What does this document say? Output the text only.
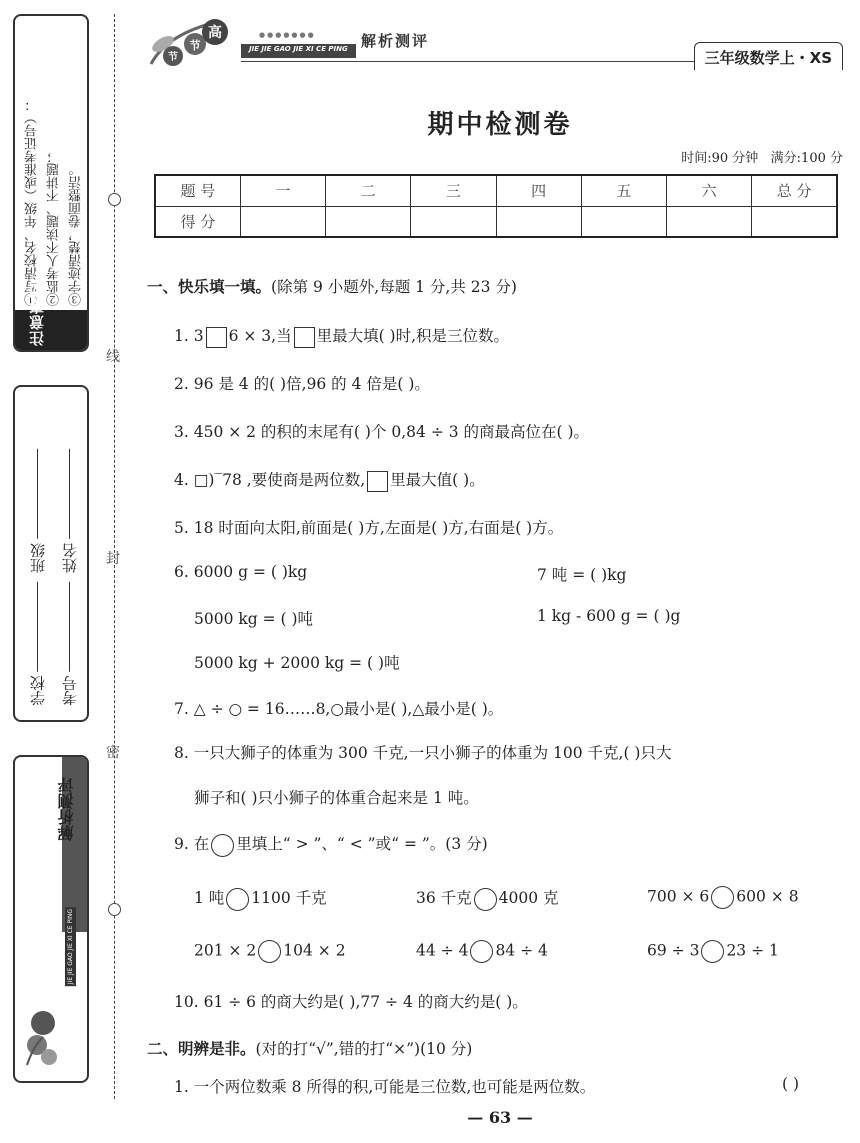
①写清校名、年级（或准考证号）： ②监考人不读题、不讲题； ③字迹清楚，卷面整洁。
注意事项
学校 班级
考号 姓名
解析测评
JIE JIE GAO JIE XI CE PING
线
封
密
高
节
节
●●●●●●●
JIE JIE GAO JIE XI CE PING 解析测评
三年级数学上・XS
期中检测卷
时间:90 分钟 满分:100 分
题 号	一	二	三	四	五	六	总 分
得 分							
一、快乐填一填。(除第 9 小题外,每题 1 分,共 23 分)
1. 3 6 × 3,当 里最大填( )时,积是三位数。
2. 96 是 4 的( )倍,96 的 4 倍是( )。
3. 450 × 2 的积的末尾有( )个 0,84 ÷ 3 的商最高位在( )。
4. □)‾78 ,要使商是两位数, 里最大值( )。
5. 18 时面向太阳,前面是( )方,左面是( )方,右面是( )方。
6. 6000 g = ( )kg	7 吨 = ( )kg
5000 kg = ( )吨	1 kg - 600 g = ( )g
5000 kg + 2000 kg = ( )吨
7. △ ÷ ○ = 16……8,○最小是( ),△最小是( )。
8. 一只大狮子的体重为 300 千克,一只小狮子的体重为 100 千克,( )只大
狮子和( )只小狮子的体重合起来是 1 吨。
9. 在 里填上“ > ”、“ < ”或“ = ”。(3 分)
1 吨 1100 千克	36 千克 4000 克	700 × 6 600 × 8
201 × 2 104 × 2	44 ÷ 4 84 ÷ 4	69 ÷ 3 23 ÷ 1
10. 61 ÷ 6 的商大约是( ),77 ÷ 4 的商大约是( )。
二、明辨是非。(对的打“√”,错的打“×”)(10 分)
1. 一个两位数乘 8 所得的积,可能是三位数,也可能是两位数。	( )
— 63 —
